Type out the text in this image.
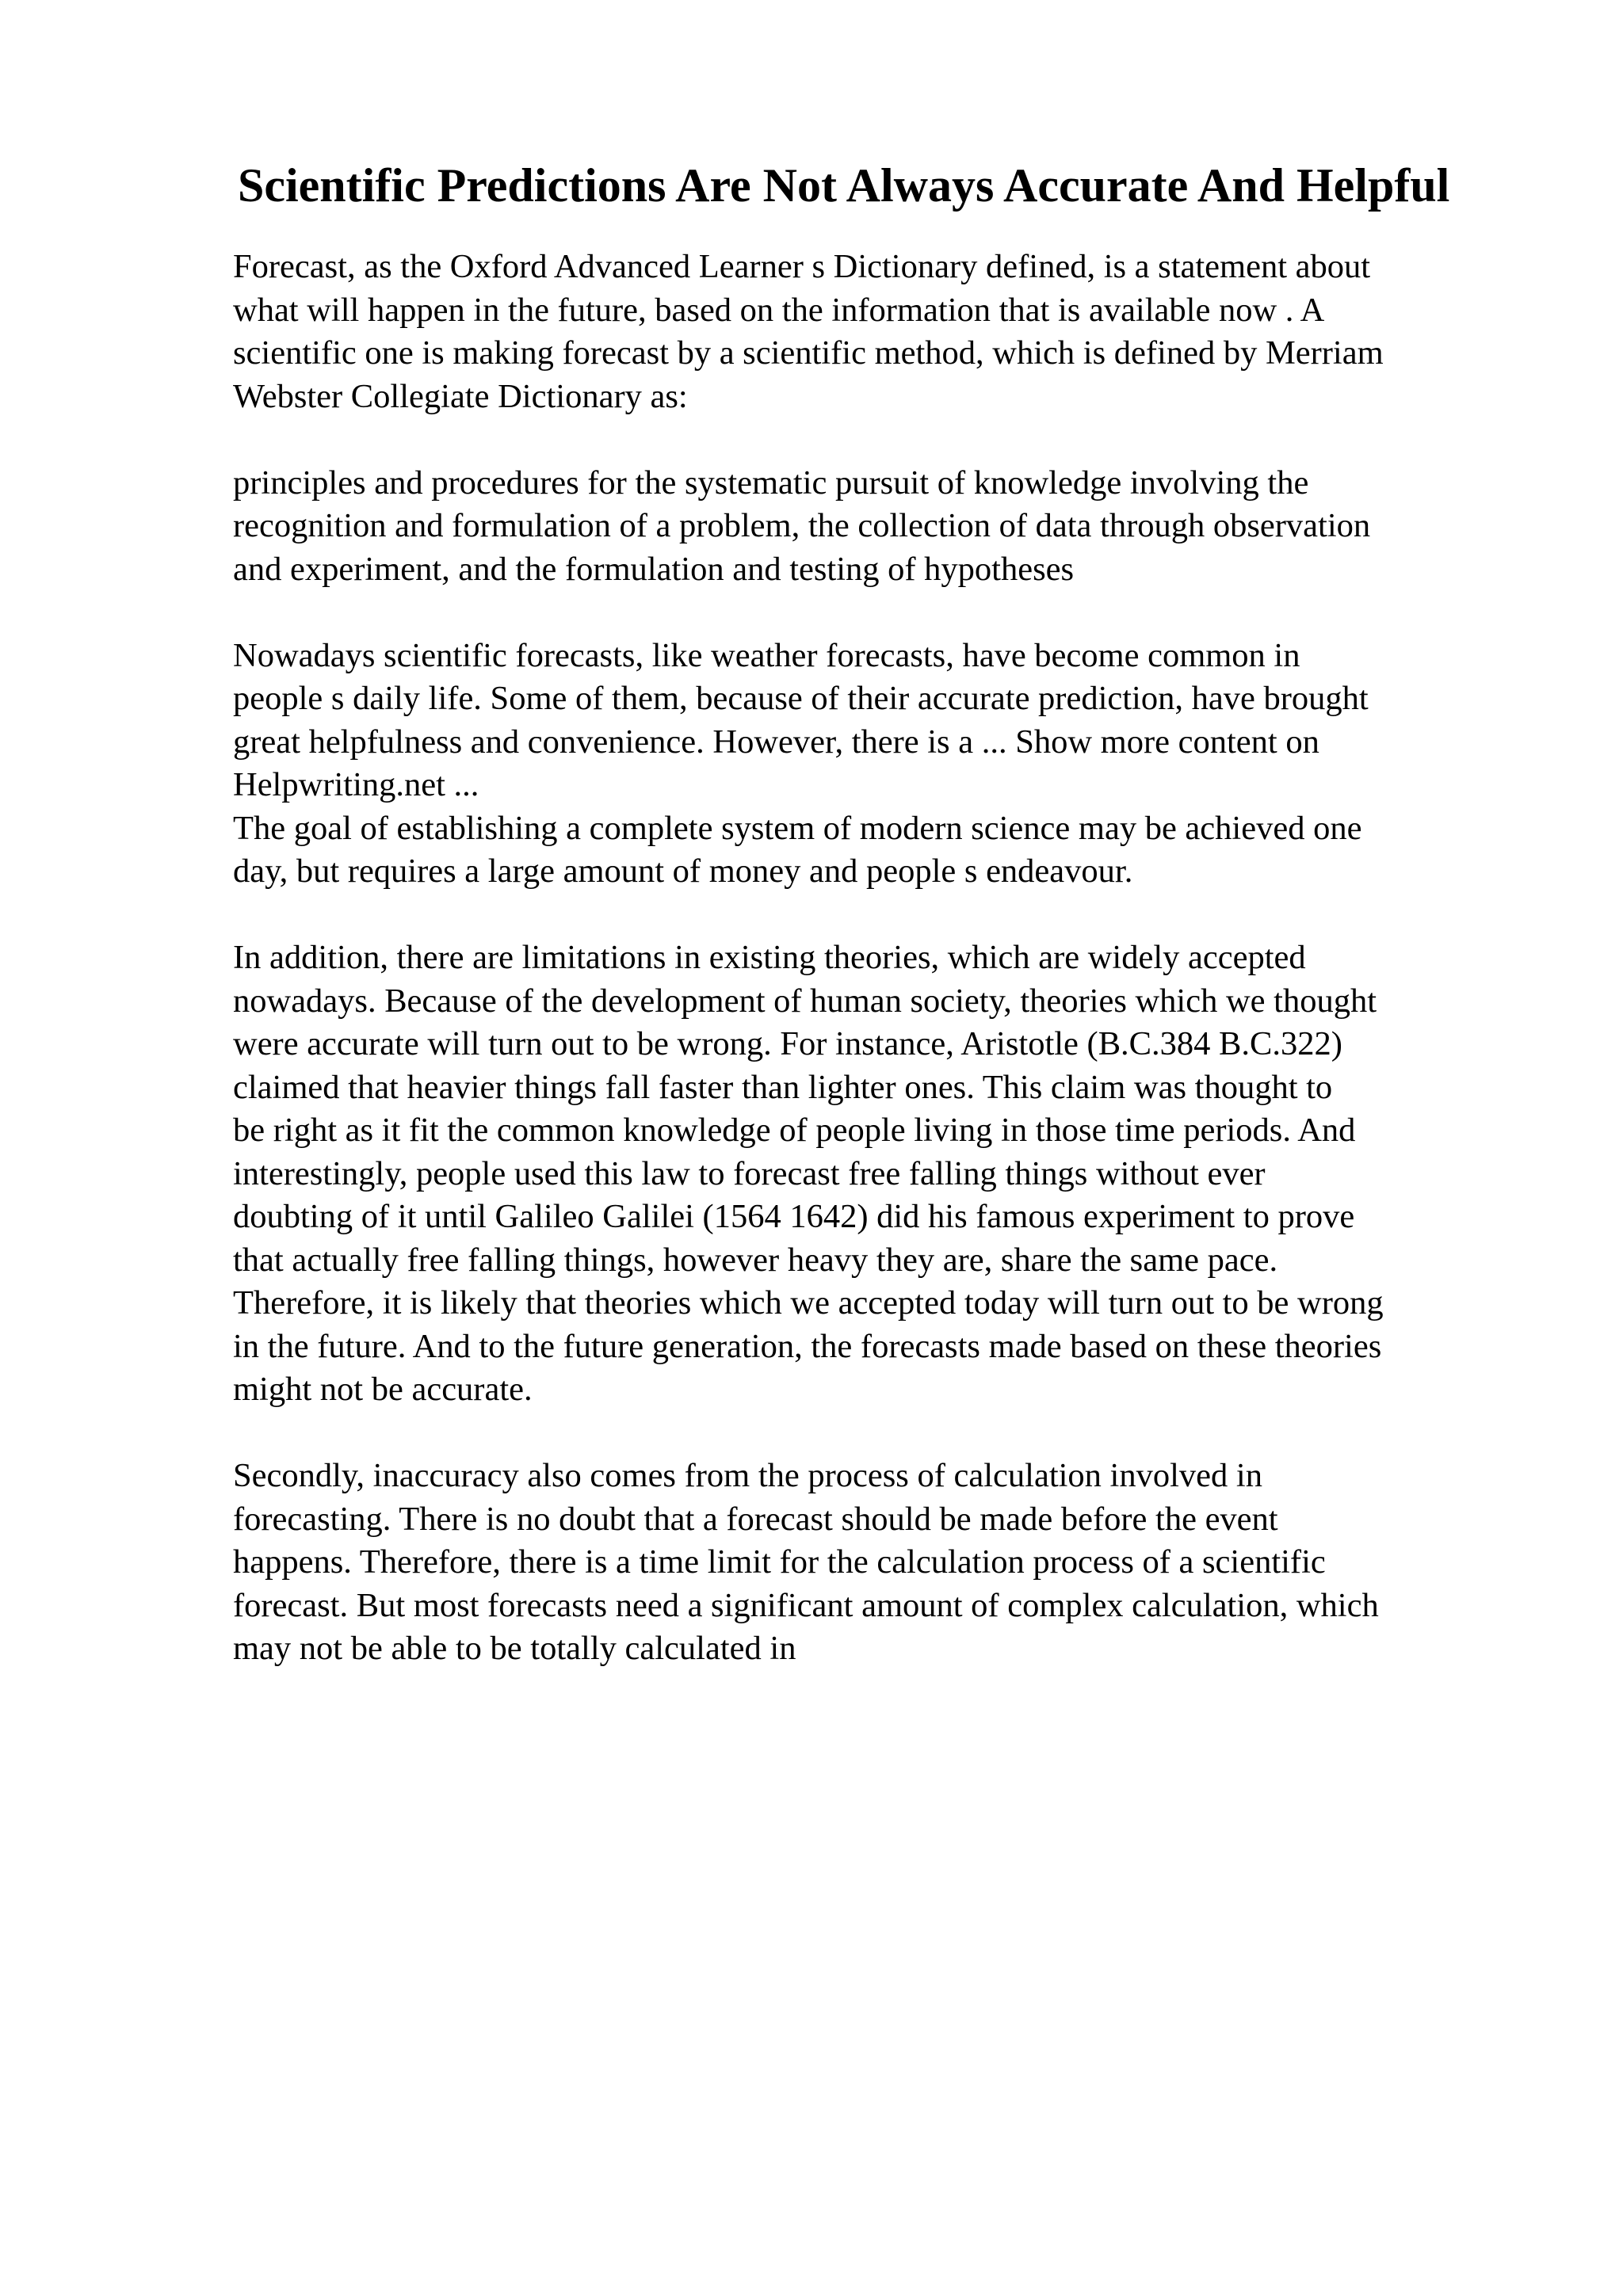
Scientific Predictions Are Not Always Accurate And Helpful

Forecast, as the Oxford Advanced Learner s Dictionary defined, is a statement about
what will happen in the future, based on the information that is available now . A
scientific one is making forecast by a scientific method, which is defined by Merriam
Webster Collegiate Dictionary as:

principles and procedures for the systematic pursuit of knowledge involving the
recognition and formulation of a problem, the collection of data through observation
and experiment, and the formulation and testing of hypotheses

Nowadays scientific forecasts, like weather forecasts, have become common in
people s daily life. Some of them, because of their accurate prediction, have brought
great helpfulness and convenience. However, there is a ... Show more content on
Helpwriting.net ...

The goal of establishing a complete system of modern science may be achieved one
day, but requires a large amount of money and people s endeavour.

In addition, there are limitations in existing theories, which are widely accepted
nowadays. Because of the development of human society, theories which we thought
were accurate will turn out to be wrong. For instance, Aristotle (B.C.384 B.C.322)
claimed that heavier things fall faster than lighter ones. This claim was thought to
be right as it fit the common knowledge of people living in those time periods. And
interestingly, people used this law to forecast free falling things without ever
doubting of it until Galileo Galilei (1564 1642) did his famous experiment to prove
that actually free falling things, however heavy they are, share the same pace.
Therefore, it is likely that theories which we accepted today will turn out to be wrong
in the future. And to the future generation, the forecasts made based on these theories
might not be accurate.

Secondly, inaccuracy also comes from the process of calculation involved in
forecasting. There is no doubt that a forecast should be made before the event
happens. Therefore, there is a time limit for the calculation process of a scientific
forecast. But most forecasts need a significant amount of complex calculation, which
may not be able to be totally calculated in
